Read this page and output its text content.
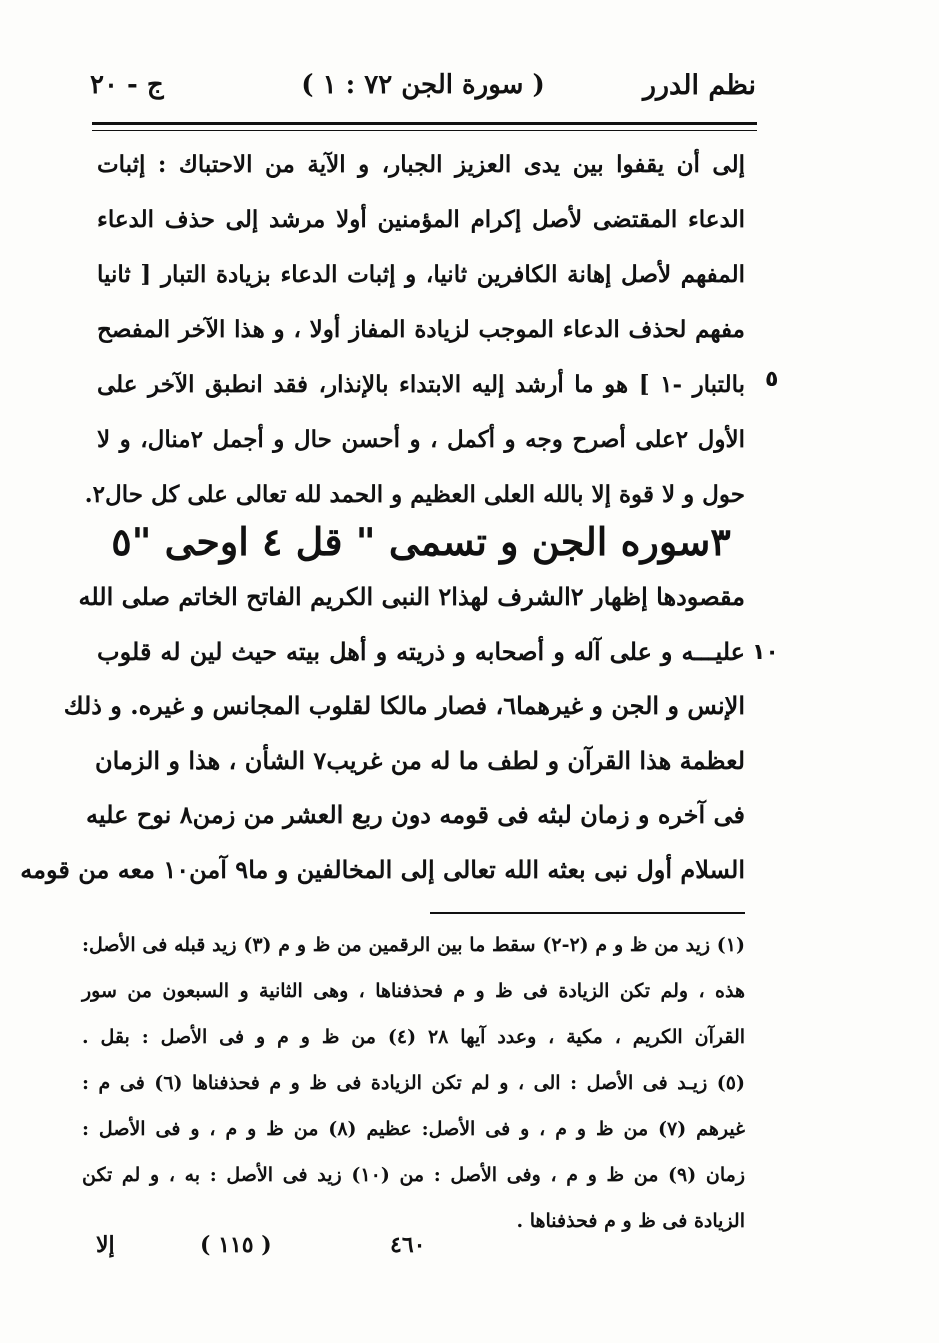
نظم الدرر
( سورة الجن ٧٢ : ١ )
ج - ٢٠
إلى أن يقفوا بين يدى العزيز الجبار، و الآية من الاحتباك : إثبات
الدعاء المقتضى لأصل إكرام المؤمنين أولا مرشد إلى حذف الدعاء
المفهم لأصل إهانة الكافرين ثانيا، و إثبات الدعاء بزيادة التبار [ ثانيا
مفهم لحذف الدعاء الموجب لزيادة المفاز أولا ، و هذا الآخر المفصح
بالتبار -١ ] هو ما أرشد إليه الابتداء بالإنذار، فقد انطبق الآخر على
الأول ٢على أصرح وجه و أكمل ، و أحسن حال و أجمل ٢منال، و لا
حول و لا قوة إلا بالله العلى العظيم و الحمد لله تعالى على كل حال٢.
٥
٣سوره الجن و تسمى " قل ٤ اوحى "٥
مقصودها إظهار ٢الشرف لهذا٢ النبى الكريم الفاتح الخاتم صلى الله
عليـــه و على آله و أصحابه و ذريته و أهل بيته حيث لين له قلوب
الإنس و الجن و غيرهما٦، فصار مالكا لقلوب المجانس و غيره. و ذلك
لعظمة هذا القرآن و لطف ما له من غريب٧ الشأن ، هذا و الزمان
فى آخره و زمان لبثه فى قومه دون ربع العشر من زمن٨ نوح عليه
السلام أول نبى بعثه الله تعالى إلى المخالفين و ما٩ آمن١٠ معه من قومه
١٠
(١) زيد من ظ و م (٢-٢) سقط ما بين الرقمين من ظ و م (٣) زيد قبله فى الأصل:
هذه ، ولم تكن الزيادة فى ظ و م فحذفناها ، وهى الثانية و السبعون من سور
القرآن الكريم ، مكية ، وعدد آيها ٢٨ (٤) من ظ و م و فى الأصل : بقل .
(٥) زيـد فى الأصل : الى ، و لم تكن الزيادة فى ظ و م فحذفناها (٦) فى م :
غيرهم (٧) من ظ و م ، و فى الأصل: عظيم (٨) من ظ و م ، و فى الأصل :
زمان (٩) من ظ و م ، وفى الأصل : من (١٠) زيد فى الأصل : به ، و لم تكن
الزيادة فى ظ و م فحذفناها .
إلا	( ١١٥ )	٤٦٠
